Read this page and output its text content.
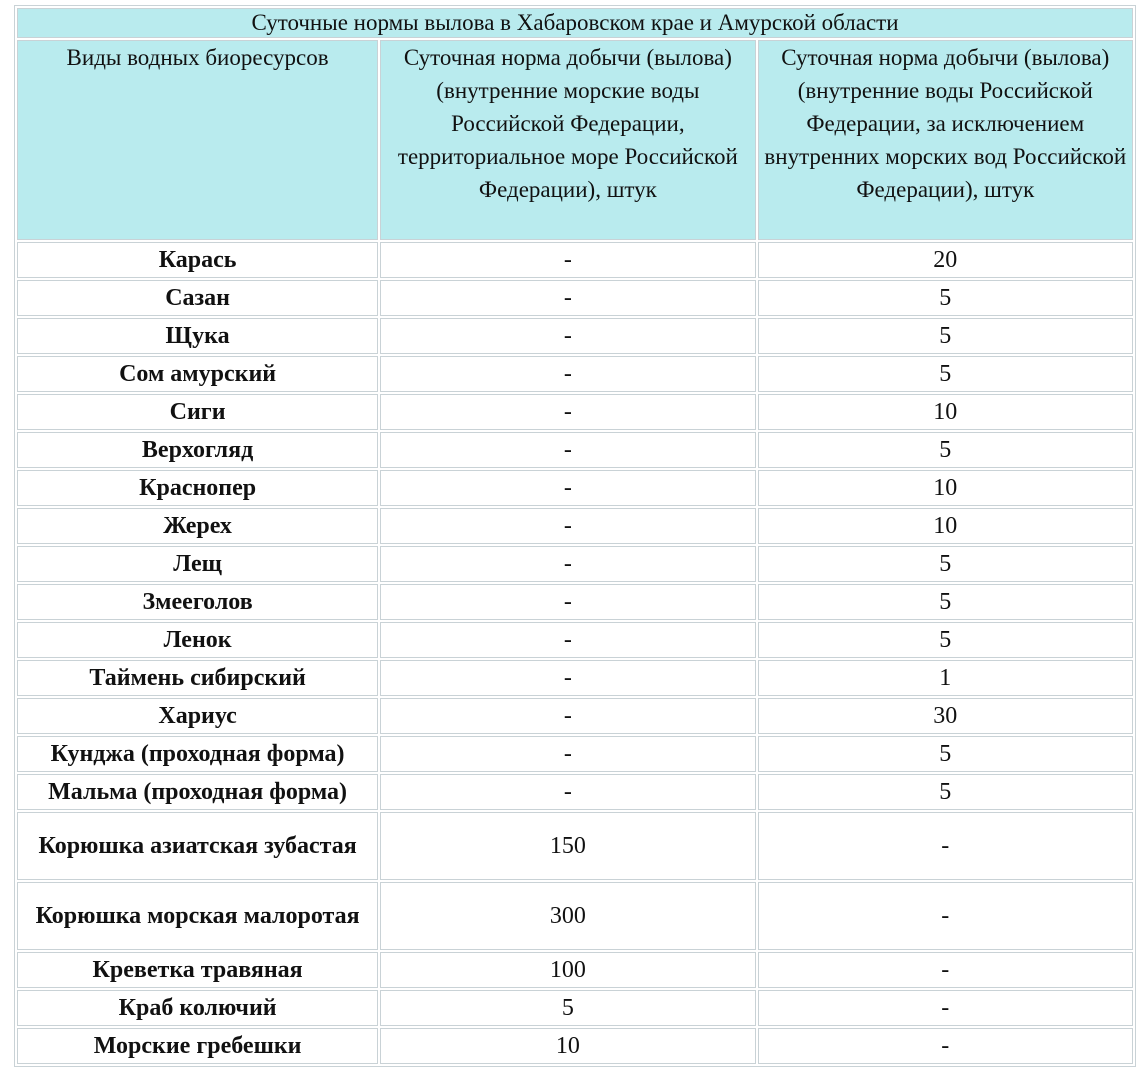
Суточные нормы вылова в Хабаровском крае и Амурской области		
Виды водных биоресурсов	Суточная норма добычи (вылова) (внутренние морские воды Российской Федерации, территориальное море Российской Федерации), штук	Суточная норма добычи (вылова) (внутренние воды Российской Федерации, за исключением внутренних морских вод Российской Федерации), штук
Карась	-	20
Сазан	-	5
Щука	-	5
Сом амурский	-	5
Сиги	-	10
Верхогляд	-	5
Краснопер	-	10
Жерех	-	10
Лещ	-	5
Змееголов	-	5
Ленок	-	5
Таймень сибирский	-	1
Хариус	-	30
Кунджа (проходная форма)	-	5
Мальма (проходная форма)	-	5
Корюшка азиатская зубастая	150	-
Корюшка морская малоротая	300	-
Креветка травяная	100	-
Краб колючий	5	-
Морские гребешки	10	-
